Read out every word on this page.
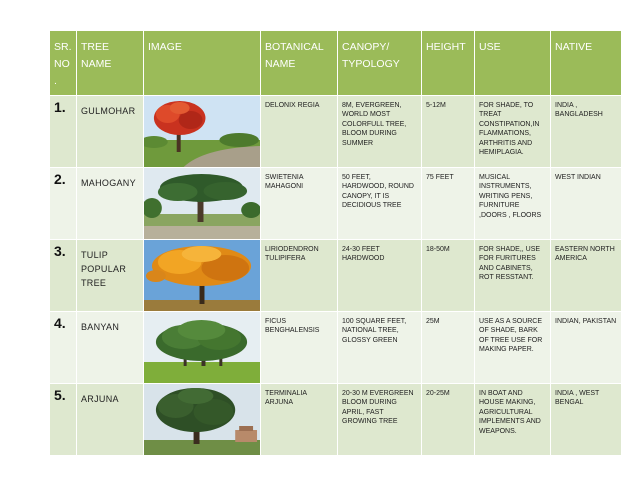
SR. NO .	TREE NAME	IMAGE	BOTANICAL NAME	CANOPY/ TYPOLOGY	HEIGHT	USE	NATIVE
1.	GULMOHAR		DELONIX REGIA	8M, EVERGREEN, WORLD MOST COLORFULL TREE, BLOOM DURING SUMMER	5-12M	FOR SHADE, TO TREAT CONSTIPATION,IN FLAMMATIONS, ARTHRITIS AND HEMIPLAGIA.	INDIA , BANGLADESH
2.	MAHOGANY		SWIETENIA MAHAGONI	50 FEET, HARDWOOD, ROUND CANOPY, IT IS DECIDIOUS TREE	75 FEET	MUSICAL INSTRUMENTS, WRITING PENS, FURNITURE ,DOORS , FLOORS	WEST INDIAN
3.	TULIP POPULAR TREE		LIRIODENDRON TULIPIFERA	24-30 FEET HARDWOOD	18-50M	FOR SHADE,, USE FOR FURITURES AND CABINETS, ROT RESSTANT.	EASTERN NORTH AMERICA
4.	BANYAN		FICUS BENGHALENSIS	100 SQUARE FEET, NATIONAL TREE, GLOSSY GREEN	25M	USE AS A SOURCE OF SHADE, BARK OF TREE USE FOR MAKING PAPER.	INDIAN, PAKISTAN
5.	ARJUNA		TERMINALIA ARJUNA	20-30 M EVERGREEN BLOOM DURING APRIL, FAST GROWING TREE	20-25M	IN BOAT AND HOUSE MAKING, AGRICULTURAL IMPLEMENTS AND WEAPONS.	INDIA , WEST BENGAL
